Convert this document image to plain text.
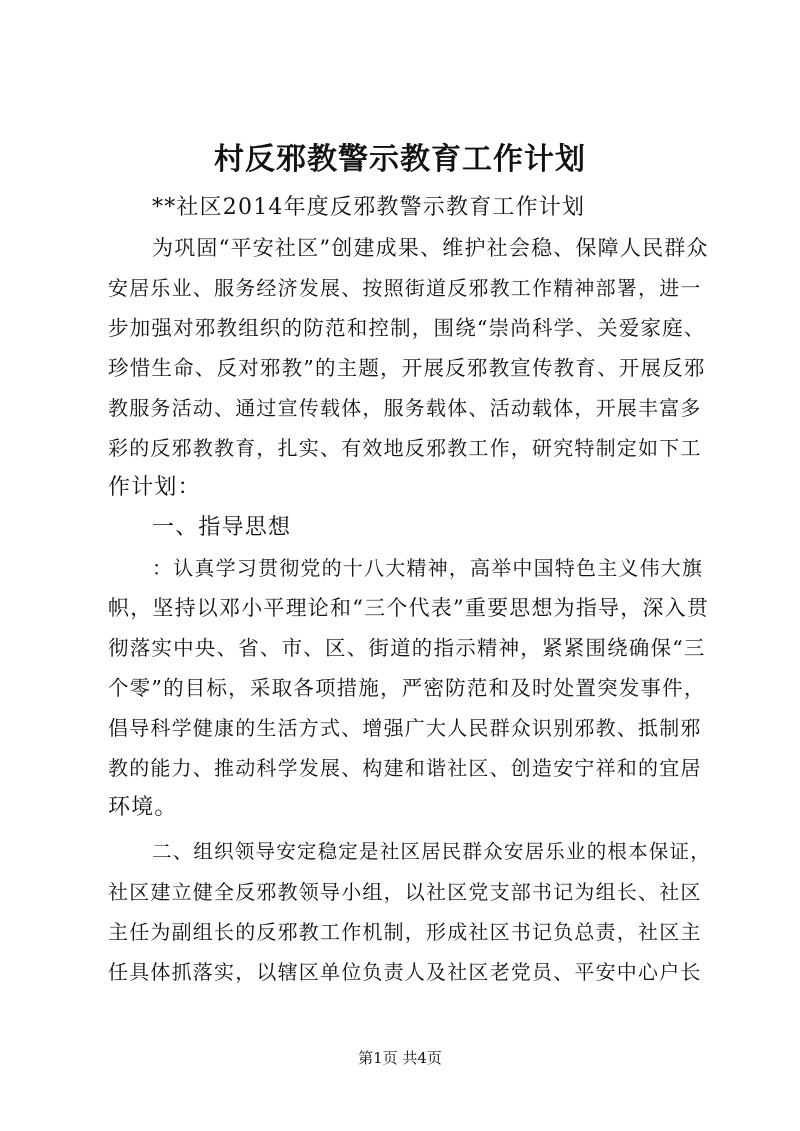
村反邪教警示教育工作计划

**社区2014年度反邪教警示教育工作计划

为巩固“平安社区”创建成果、维护社会稳、保障人民群众

安居乐业、服务经济发展、按照街道反邪教工作精神部署，进一

步加强对邪教组织的防范和控制，围绕“崇尚科学、关爱家庭、

珍惜生命、反对邪教”的主题，开展反邪教宣传教育、开展反邪

教服务活动、通过宣传载体，服务载体、活动载体，开展丰富多

彩的反邪教教育，扎实、有效地反邪教工作，研究特制定如下工

作计划：

一、指导思想

：认真学习贯彻党的十八大精神，高举中国特色主义伟大旗

帜，坚持以邓小平理论和“三个代表”重要思想为指导，深入贯

彻落实中央、省、市、区、街道的指示精神，紧紧围绕确保“三

个零”的目标，采取各项措施，严密防范和及时处置突发事件，

倡导科学健康的生活方式、增强广大人民群众识别邪教、抵制邪

教的能力、推动科学发展、构建和谐社区、创造安宁祥和的宜居

环境。

二、组织领导安定稳定是社区居民群众安居乐业的根本保证，

社区建立健全反邪教领导小组，以社区党支部书记为组长、社区

主任为副组长的反邪教工作机制，形成社区书记负总责，社区主

任具体抓落实，以辖区单位负责人及社区老党员、平安中心户长

第1页 共4页
